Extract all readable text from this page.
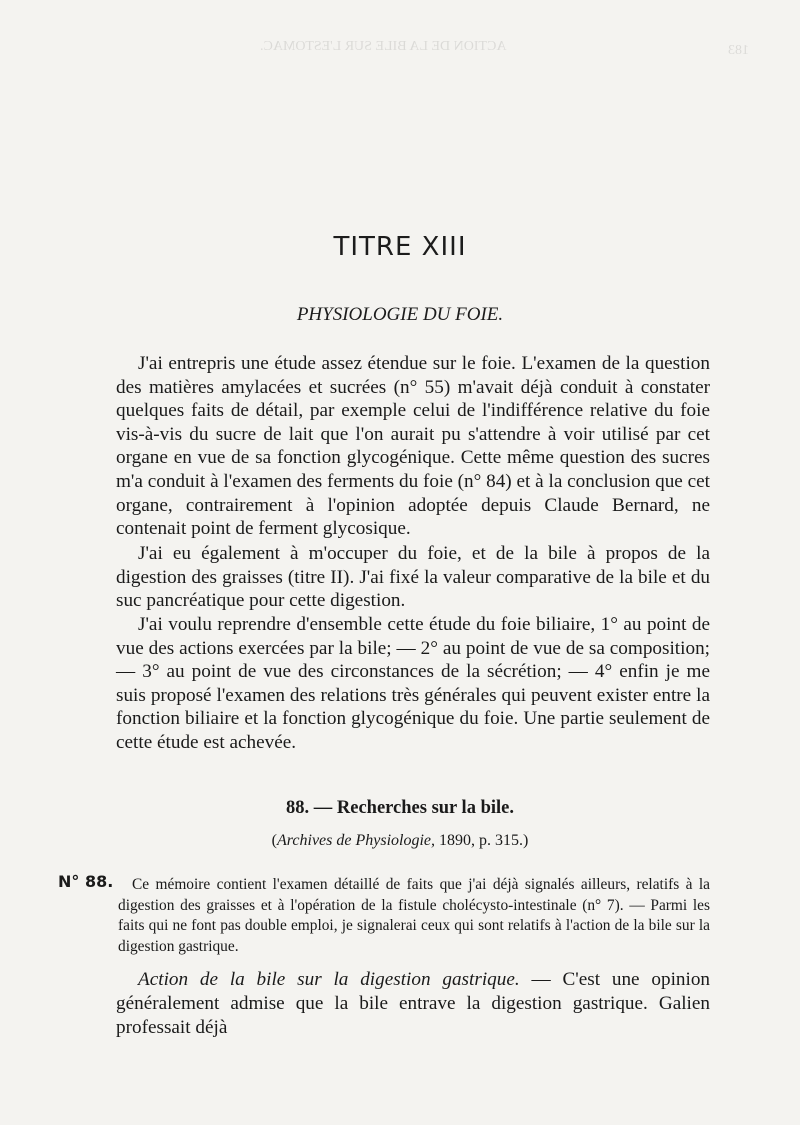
ACTION DE LA BILE SUR L'ESTOMAC.	183
TITRE XIII
PHYSIOLOGIE DU FOIE.

J'ai entrepris une étude assez étendue sur le foie. L'examen de la question des matières amylacées et sucrées (n° 55) m'avait déjà conduit à constater quelques faits de détail, par exemple celui de l'indifférence relative du foie vis-à-vis du sucre de lait que l'on aurait pu s'attendre à voir utilisé par cet organe en vue de sa fonction glycogénique. Cette même question des sucres m'a conduit à l'examen des ferments du foie (n° 84) et à la conclusion que cet organe, contrairement à l'opinion adoptée depuis Claude Bernard, ne contenait point de ferment glycosique.

J'ai eu également à m'occuper du foie, et de la bile à propos de la digestion des graisses (titre II). J'ai fixé la valeur comparative de la bile et du suc pancréatique pour cette digestion.

J'ai voulu reprendre d'ensemble cette étude du foie biliaire, 1° au point de vue des actions exercées par la bile; — 2° au point de vue de sa composition; — 3° au point de vue des circonstances de la sécrétion; — 4° enfin je me suis proposé l'examen des relations très générales qui peuvent exister entre la fonction biliaire et la fonction glycogénique du foie. Une partie seulement de cette étude est achevée.

88. — Recherches sur la bile.
(Archives de Physiologie, 1890, p. 315.)
N° 88.	Ce mémoire contient l'examen détaillé de faits que j'ai déjà signalés ailleurs, relatifs à la digestion des graisses et à l'opération de la fistule cholécysto-intestinale (n° 7). — Parmi les faits qui ne font pas double emploi, je signalerai ceux qui sont relatifs à l'action de la bile sur la digestion gastrique.

Action de la bile sur la digestion gastrique. — C'est une opinion généralement admise que la bile entrave la digestion gastrique. Galien professait déjà
